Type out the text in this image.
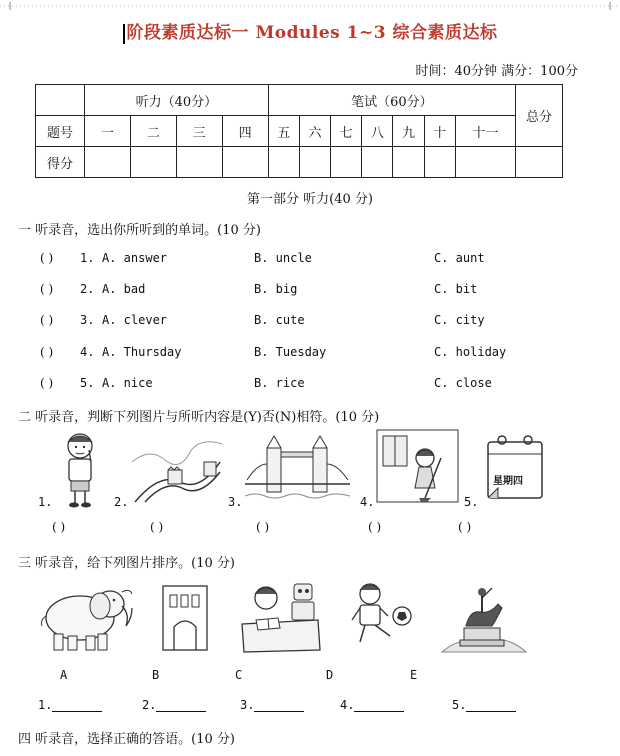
阶段素质达标一 Modules 1~3 综合素质达标
时间：40分钟 满分：100分
	听力（40分）				笔试（60分）							总分
题号	一	二	三	四	五	六	七	八	九	十	十一	
得分												
第一部分 听力(40 分)
一 听录音，选出你所听到的单词。(10 分)
( ) 1. A. answer	B. uncle	C. aunt
( ) 2. A. bad	B. big	C. bit
( ) 3. A. clever	B. cute	C. city
( ) 4. A. Thursday	B. Tuesday	C. holiday
( ) 5. A. nice	B. rice	C. close
二 听录音，判断下列图片与所听内容是(Y)否(N)相符。(10 分)
星期四
1.	2.	3.	4.	5.
( )	( )	( )	( )	( )
三 听录音，给下列图片排序。(10 分)
A	B	C	D	E
1.	2.	3.	4.	5.
四 听录音，选择正确的答语。(10 分)
